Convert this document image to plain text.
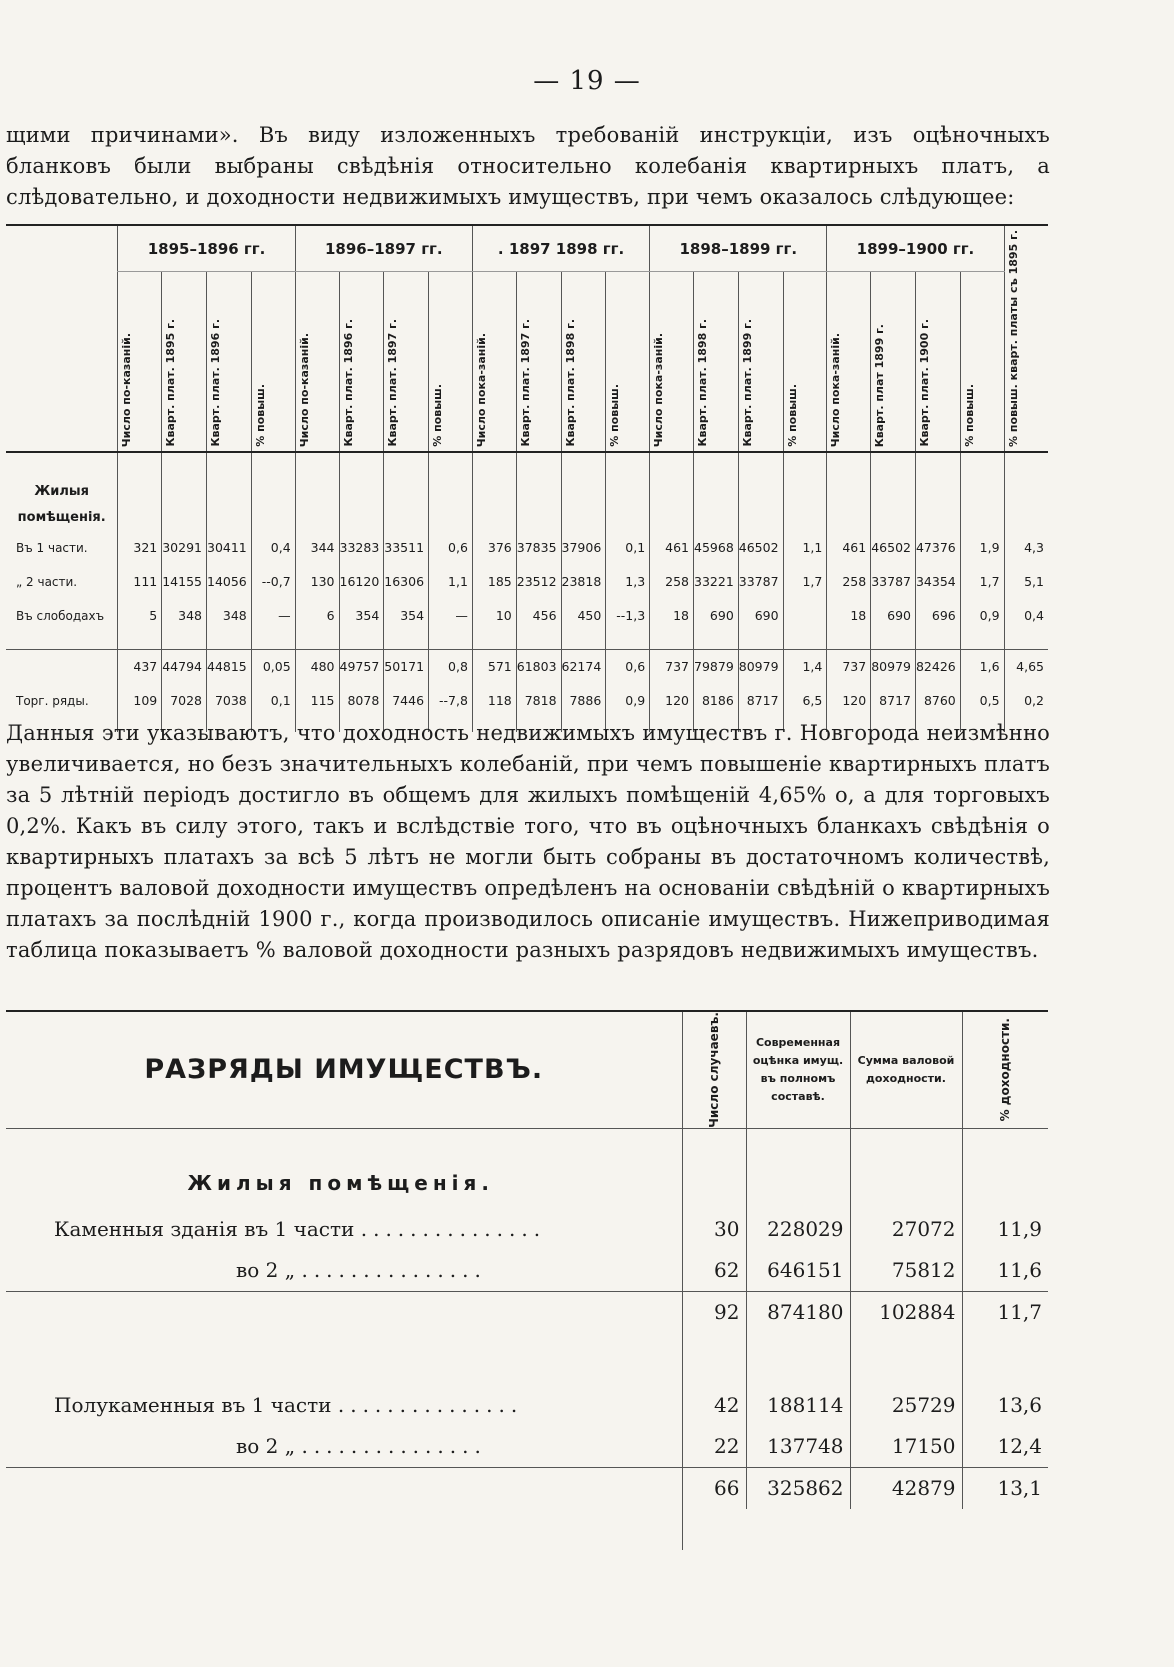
— 19 —
щими причинами». Въ виду изложенныхъ требованій инструкціи, изъ оцѣночныхъ бланковъ были выбраны свѣдѣнія относительно колебанія квартирныхъ платъ, а слѣдовательно, и доходности недвижимыхъ имуществъ, при чемъ оказалось слѣдующее:
	1895–1896 гг.				1896–1897 гг.				. 1897 1898 гг.				1898–1899 гг.				1899–1900 гг.				% повыш. кварт. платы съ 1895 г.

	Число по-казаній.	Кварт. плат. 1895 г.	Кварт. плат. 1896 г.	% повыш.	Число по-казаній.	Кварт. плат. 1896 г.	Кварт. плат. 1897 г.	% повыш.	Число пока-заній.	Кварт. плат. 1897 г.	Кварт. плат. 1898 г.	% повыш.	Число пока-заній.	Кварт. плат. 1898 г.	Кварт. плат. 1899 г.	% повыш.	Число пока-заній.	Кварт. плат 1899 г.	Кварт. плат. 1900 г.	% повыш.	

Жилыя помѣщенія.																					
Въ 1 части.	321	30291	30411	0,4	344	33283	33511	0,6	376	37835	37906	0,1	461	45968	46502	1,1	461	46502	47376	1,9	4,3
„ 2 части.	111	14155	14056	--0,7	130	16120	16306	1,1	185	23512	23818	1,3	258	33221	33787	1,7	258	33787	34354	1,7	5,1
Въ слободахъ	5	348	348	—	6	354	354	—	10	456	450	--1,3	18	690	690		18	690	696	0,9	0,4

	437	44794	44815	0,05	480	49757	50171	0,8	571	61803	62174	0,6	737	79879	80979	1,4	737	80979	82426	1,6	4,65
Торг. ряды.	109	7028	7038	0,1	115	8078	7446	--7,8	118	7818	7886	0,9	120	8186	8717	6,5	120	8717	8760	0,5	0,2

Данныя эти указываютъ, что доходность недвижимыхъ имуществъ г. Новгорода неизмѣнно увеличивается, но безъ значительныхъ колебаній, при чемъ повышеніе квартирныхъ платъ за 5 лѣтній періодъ достигло въ общемъ для жилыхъ помѣщеній 4,65% о, а для торговыхъ 0,2%. Какъ въ силу этого, такъ и вслѣдствіе того, что въ оцѣночныхъ бланкахъ свѣдѣнія о квартирныхъ платахъ за всѣ 5 лѣтъ не могли быть собраны въ достаточномъ количествѣ, процентъ валовой доходности имуществъ опредѣленъ на основаніи свѣдѣній о квартирныхъ платахъ за послѣдній 1900 г., когда производилось описаніе имуществъ. Нижеприводимая таблица показываетъ % валовой доходности разныхъ разрядовъ недвижимыхъ имуществъ.
РАЗРЯДЫ ИМУЩЕСТВЪ.	Число случаевъ.	Современная оцѣнка имущ. въ полномъ составѣ.	Сумма валовой доходности.	% доходности.

Жилыя помѣщенія.				
Каменныя зданія въ 1 части ...............	30	228029	27072	11,9
во 2 „ ...............	62	646151	75812	11,6
	92	874180	102884	11,7

Полукаменныя въ 1 части ...............	42	188114	25729	13,6
во 2 „ ...............	22	137748	17150	12,4
	66	325862	42879	13,1
